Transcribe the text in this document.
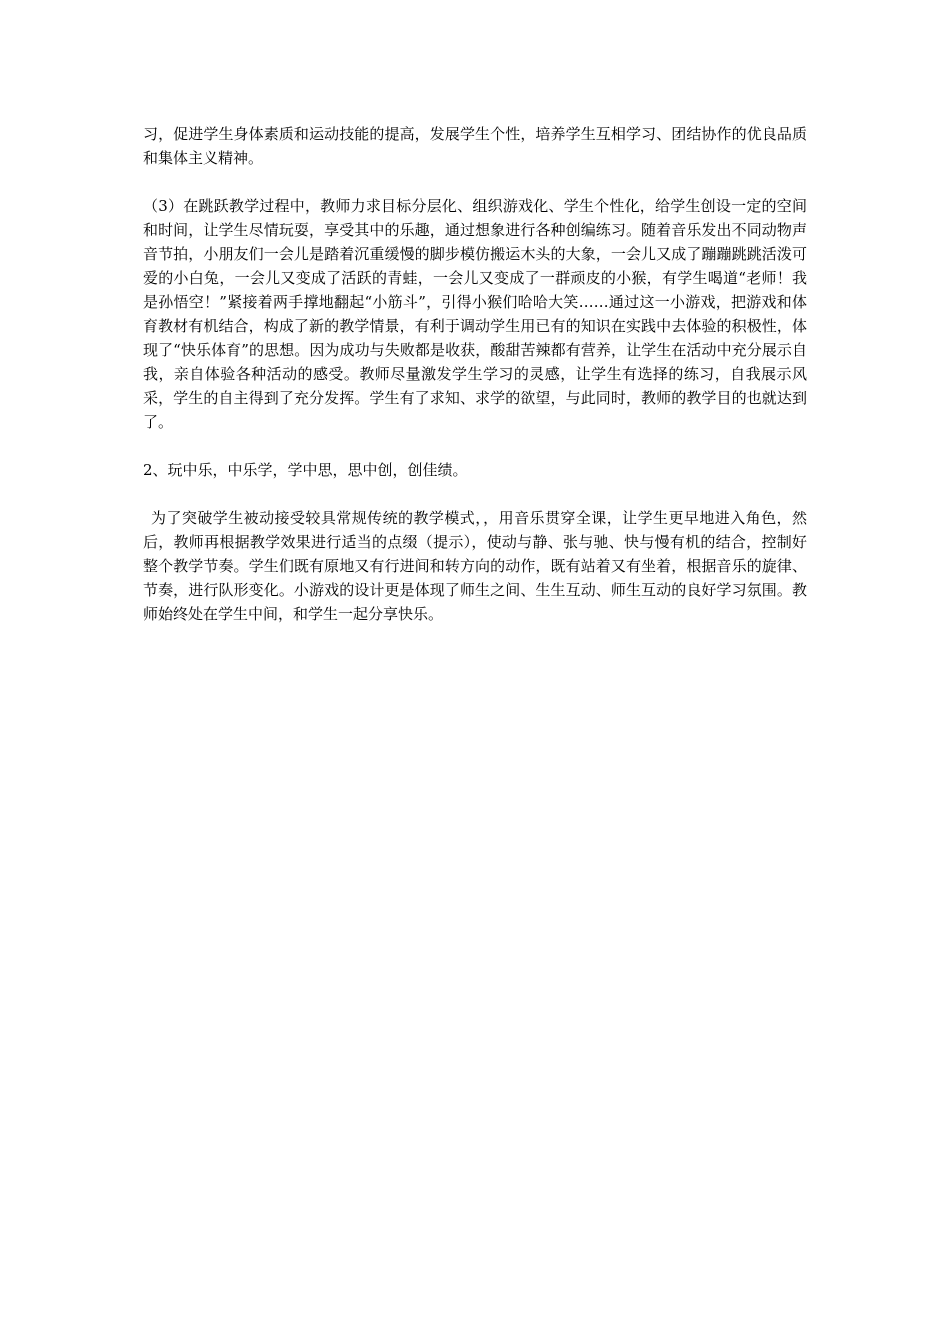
习，促进学生身体素质和运动技能的提高，发展学生个性，培养学生互相学习、团结协作的优良品质和集体主义精神。

（3）在跳跃教学过程中，教师力求目标分层化、组织游戏化、学生个性化，给学生创设一定的空间和时间，让学生尽情玩耍，享受其中的乐趣，通过想象进行各种创编练习。随着音乐发出不同动物声音节拍，小朋友们一会儿是踏着沉重缓慢的脚步模仿搬运木头的大象，一会儿又成了蹦蹦跳跳活泼可爱的小白兔，一会儿又变成了活跃的青蛙，一会儿又变成了一群顽皮的小猴，有学生喝道“老师！我是孙悟空！”紧接着两手撑地翻起“小筋斗”，引得小猴们哈哈大笑……通过这一小游戏，把游戏和体育教材有机结合，构成了新的教学情景，有利于调动学生用已有的知识在实践中去体验的积极性，体现了“快乐体育”的思想。因为成功与失败都是收获，酸甜苦辣都有营养，让学生在活动中充分展示自我，亲自体验各种活动的感受。教师尽量激发学生学习的灵感，让学生有选择的练习，自我展示风采，学生的自主得到了充分发挥。学生有了求知、求学的欲望，与此同时，教师的教学目的也就达到了。

2、玩中乐，中乐学，学中思，思中创，创佳绩。

为了突破学生被动接受较具常规传统的教学模式，，用音乐贯穿全课，让学生更早地进入角色，然后，教师再根据教学效果进行适当的点缀（提示），使动与静、张与驰、快与慢有机的结合，控制好整个教学节奏。学生们既有原地又有行进间和转方向的动作，既有站着又有坐着，根据音乐的旋律、节奏，进行队形变化。小游戏的设计更是体现了师生之间、生生互动、师生互动的良好学习氛围。教师始终处在学生中间，和学生一起分享快乐。
